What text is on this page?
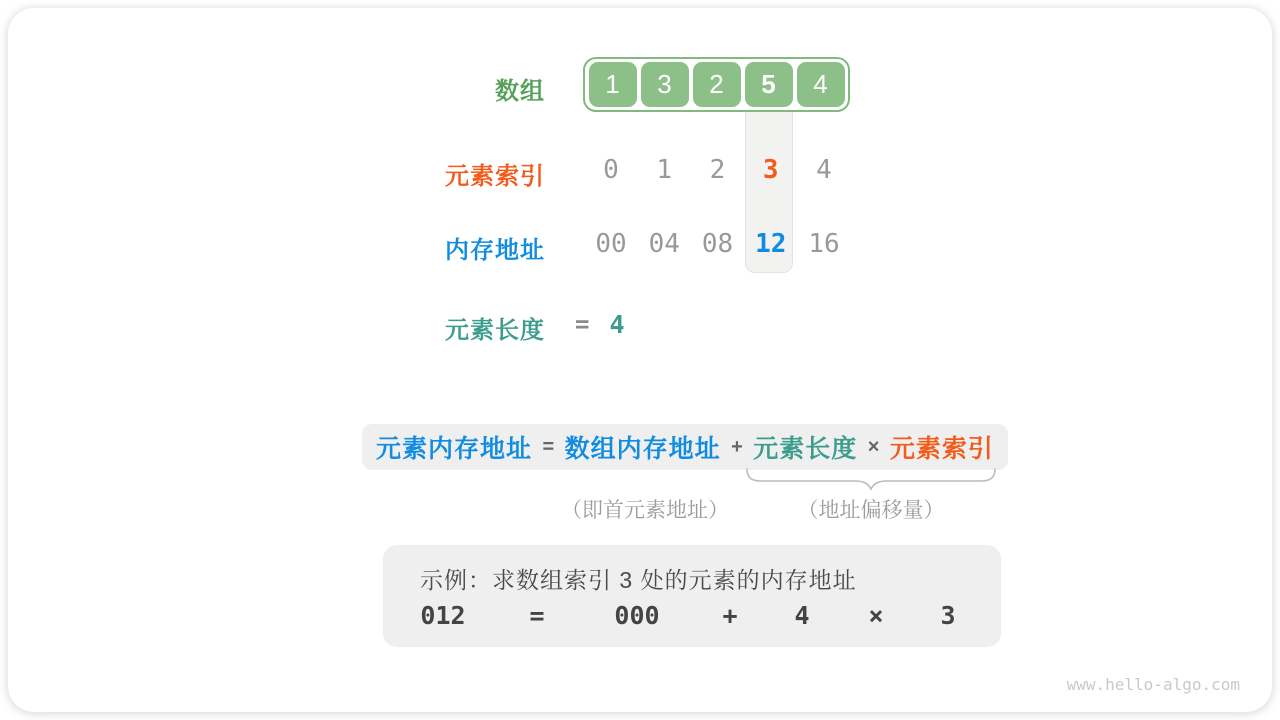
数组 1 3 2 5 4
元素索引	0	1	2	3	4
内存地址	00 04 08 12 16
元素长度 = 4
元素内存地址 = 数组内存地址 + 元素长度 × 元素索引
（即首元素地址）	（地址偏移量）
示例：求数组索引 3 处的元素的内存地址
012	=	000	+ 4 × 3
www.hello-algo.com
